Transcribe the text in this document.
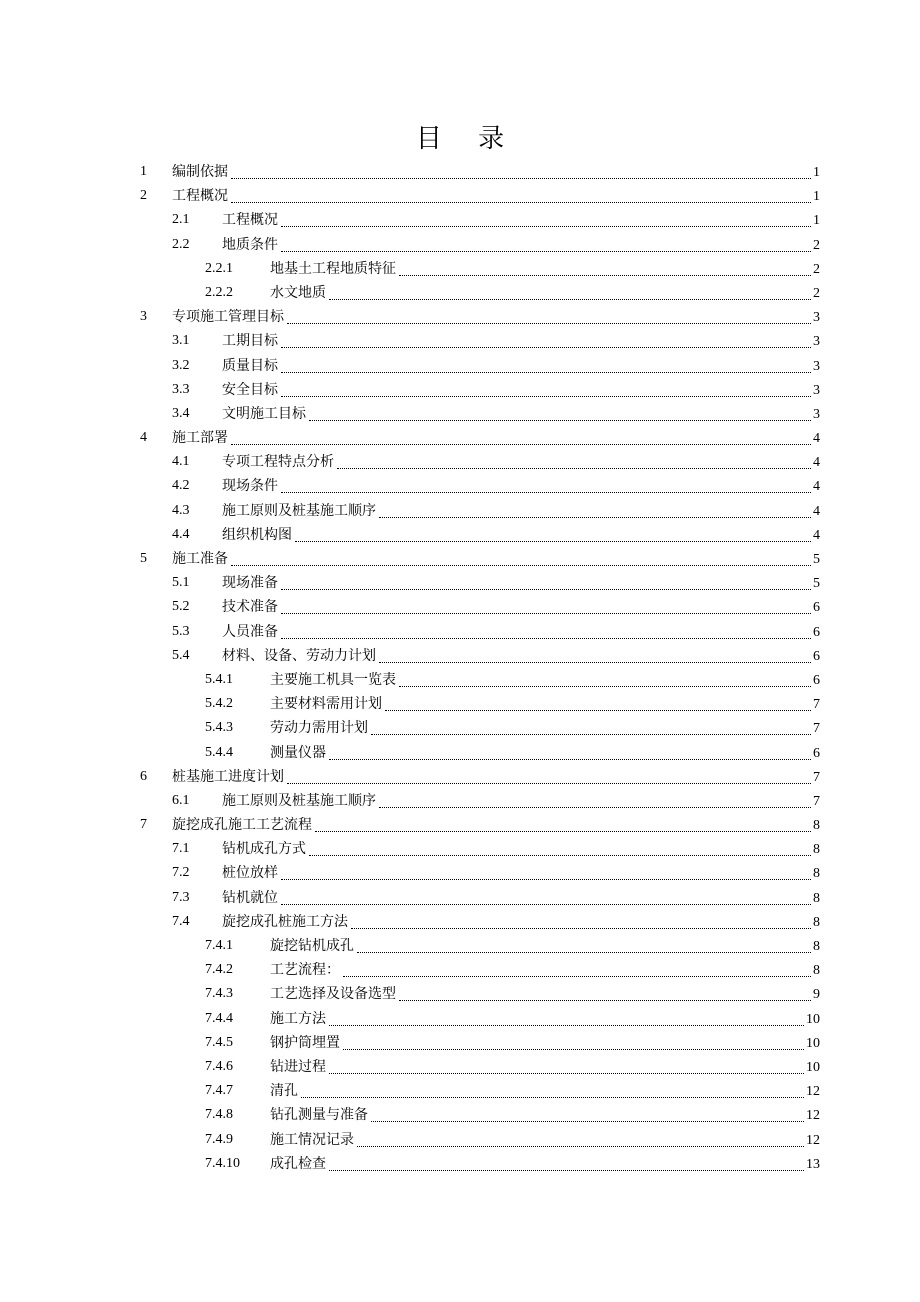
目 录
1 编制依据	1
2 工程概况	1
2.1 工程概况	1
2.2 地质条件	2
2.2.1	地基土工程地质特征	2
2.2.2	水文地质	2
3 专项施工管理目标	3
3.1 工期目标	3
3.2 质量目标	3
3.3 安全目标	3
3.4 文明施工目标	3
4 施工部署	4
4.1 专项工程特点分析	4
4.2 现场条件	4
4.3 施工原则及桩基施工顺序	4
4.4 组织机构图	4
5 施工准备	5
5.1 现场准备	5
5.2 技术准备	6
5.3 人员准备	6
5.4 材料、设备、劳动力计划	6
5.4.1	主要施工机具一览表	6
5.4.2	主要材料需用计划	7
5.4.3	劳动力需用计划	7
5.4.4	测量仪器	6
6 桩基施工进度计划	7
6.1 施工原则及桩基施工顺序	7
7 旋挖成孔施工工艺流程	8
7.1 钻机成孔方式	8
7.2 桩位放样	8
7.3 钻机就位	8
7.4 旋挖成孔桩施工方法	8
7.4.1	旋挖钻机成孔	8
7.4.2	工艺流程：	8
7.4.3	工艺选择及设备选型	9
7.4.4	施工方法	10
7.4.5	钢护筒埋置	10
7.4.6	钻进过程	10
7.4.7	清孔	12
7.4.8	钻孔测量与准备	12
7.4.9	施工情况记录	12
7.4.10 成孔检查	13
